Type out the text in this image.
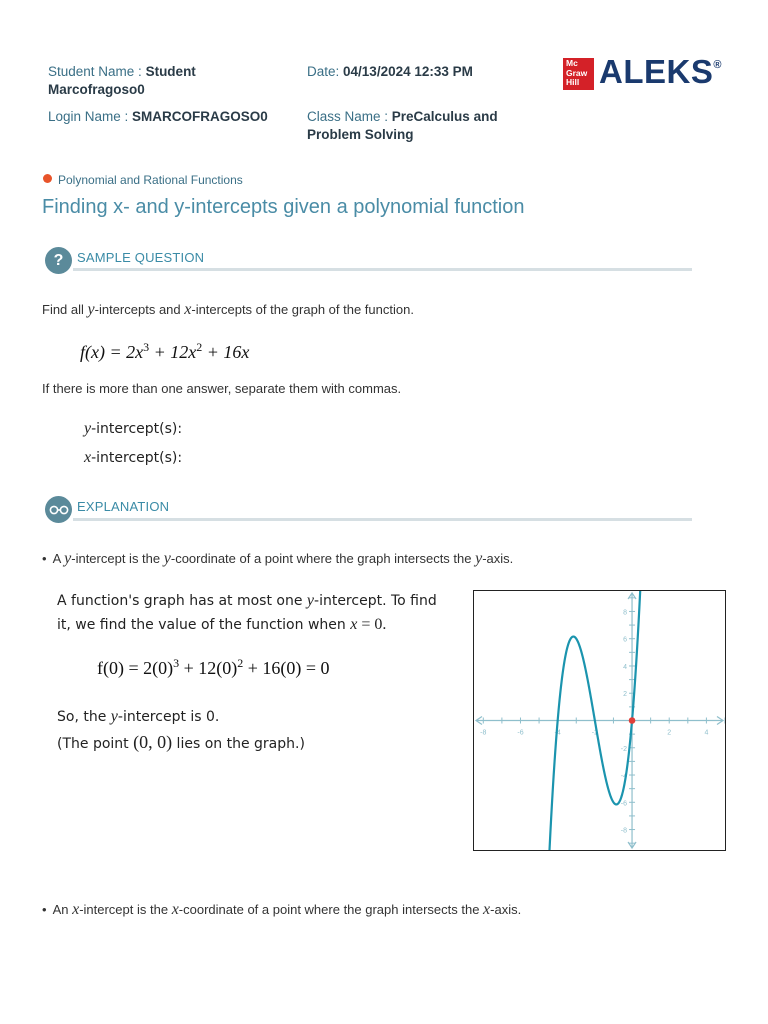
Student Name : Student
Marcofragoso0
Date: 04/13/2024 12:33 PM
Login Name : SMARCOFRAGOSO0	Class Name : PreCalculus and
Problem Solving
Mc
Graw
Hill ALEKS®
Polynomial and Rational Functions
Finding x- and y-intercepts given a polynomial function
?	SAMPLE QUESTION
Find all y-intercepts and x-intercepts of the graph of the function.
$f(x) = 2x^3 + 12x^2 + 16x$
If there is more than one answer, separate them with commas.
y-intercept(s):
x-intercept(s):
EXPLANATION
• A y-intercept is the y-coordinate of a point where the graph intersects the y-axis.
A function's graph has at most one y-intercept. To find
it, we find the value of the function when x = 0.
$f(0) = 2(0)^3 + 12(0)^2 + 16(0) = 0$
So, the y-intercept is 0.
(The point (0, 0) lies on the graph.)
-8	-6	-4	-2	2	4
-8
-6
-4
-2
2
4
6
8
• An x-intercept is the x-coordinate of a point where the graph intersects the x-axis.
